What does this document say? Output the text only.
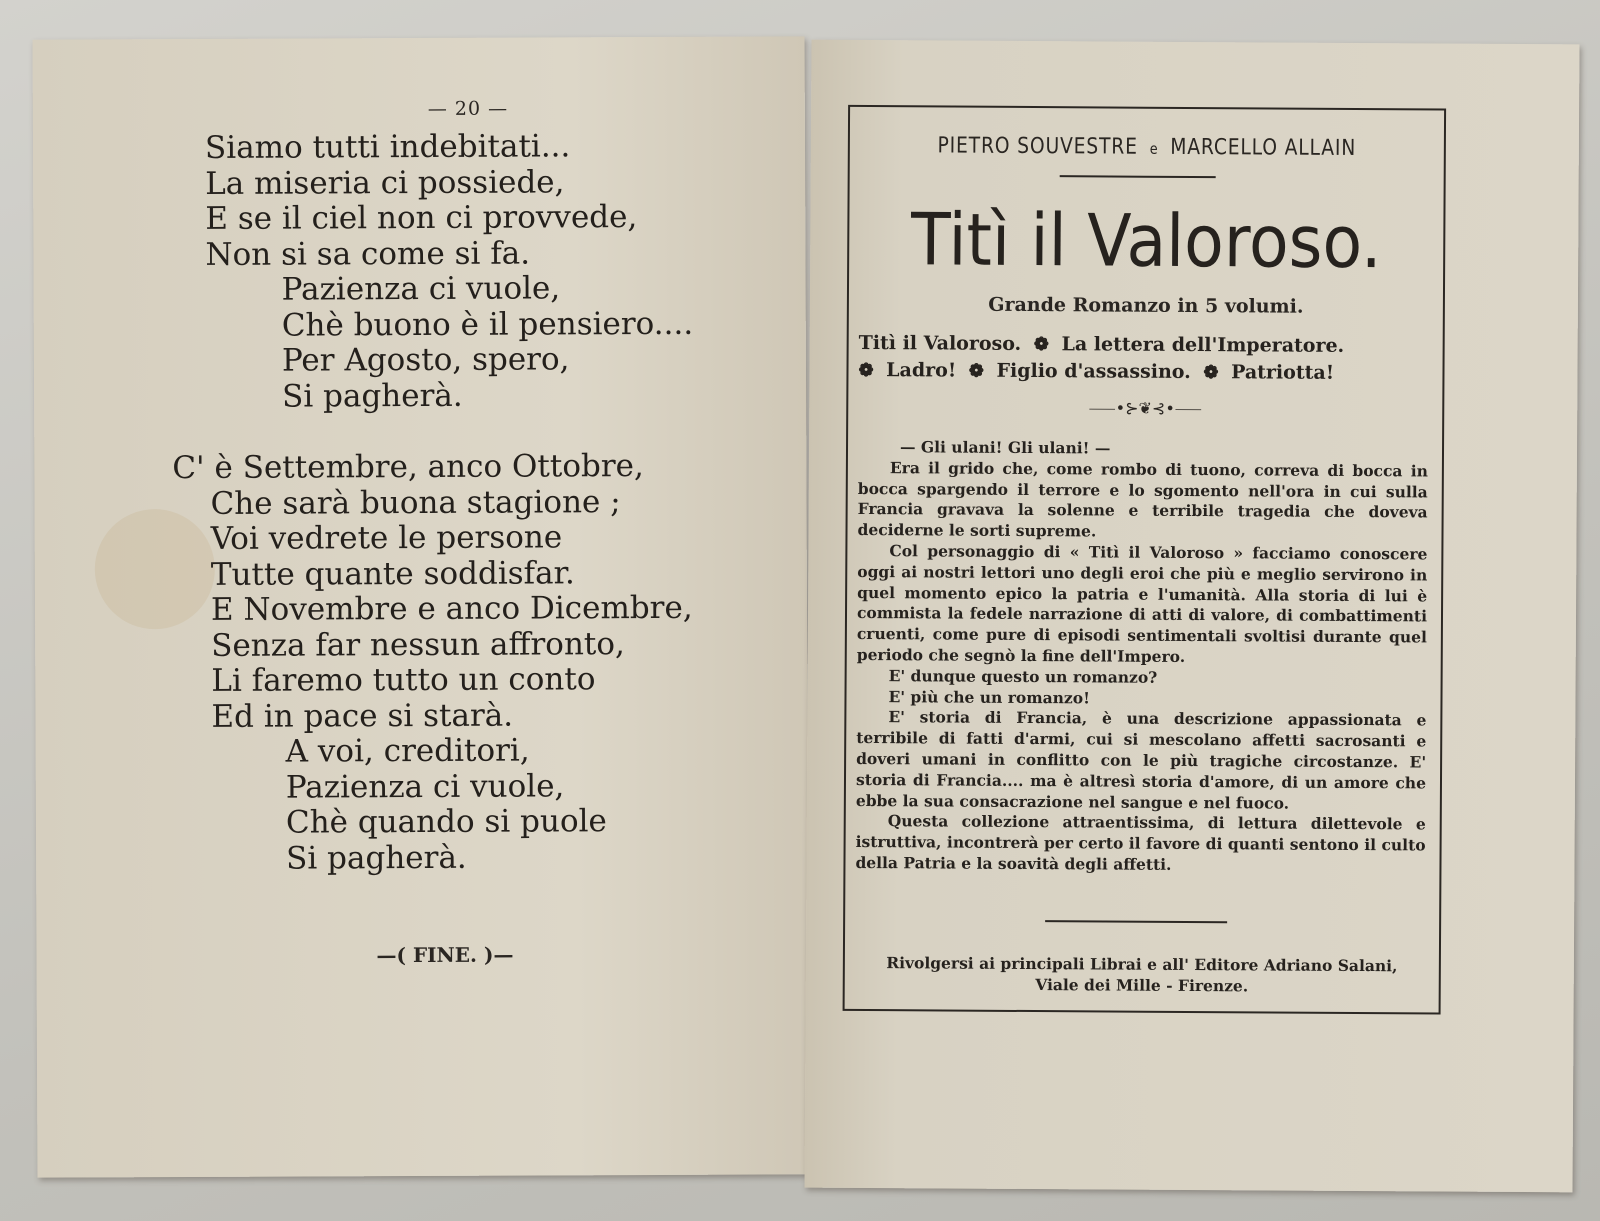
— 20 —
Siamo tutti indebitati...
La miseria ci possiede,
E se il ciel non ci provvede,
Non si sa come si fa.
Pazienza ci vuole,
Chè buono è il pensiero....
Per Agosto, spero,
Si pagherà.
C' è Settembre, anco Ottobre,
Che sarà buona stagione ;
Voi vedrete le persone
Tutte quante soddisfar.
E Novembre e anco Dicembre,
Senza far nessun affronto,
Li faremo tutto un conto
Ed in pace si starà.
A voi, creditori,
Pazienza ci vuole,
Chè quando si puole
Si pagherà.
—( FINE. )—
PIETRO SOUVESTRE e MARCELLO ALLAIN
Titì il Valoroso.
Grande Romanzo in 5 volumi.
Titì il Valoroso. ❁ La lettera dell'Imperatore.
❁ Ladro! ❁ Figlio d'assassino. ❁ Patriotta!
⸺•⊱❦⊰•⸺

— Gli ulani! Gli ulani! —

Era il grido che, come rombo di tuono, correva di bocca in bocca spargendo il terrore e lo sgomento nell'ora in cui sulla Francia gravava la solenne e terribile tragedia che doveva deciderne le sorti supreme.

Col personaggio di « Titì il Valoroso » facciamo conoscere oggi ai nostri lettori uno degli eroi che più e meglio servirono in quel momento epico la patria e l'umanità. Alla storia di lui è commista la fedele narrazione di atti di valore, di combattimenti cruenti, come pure di episodi sentimentali svoltisi durante quel periodo che segnò la fine dell'Impero.

E' dunque questo un romanzo?

E' più che un romanzo!

E' storia di Francia, è una descrizione appassionata e terribile di fatti d'armi, cui si mescolano affetti sacrosanti e doveri umani in conflitto con le più tragiche circostanze. E' storia di Francia.... ma è altresì storia d'amore, di un amore che ebbe la sua consacrazione nel sangue e nel fuoco.

Questa collezione attraentissima, di lettura dilettevole e istruttiva, incontrerà per certo il favore di quanti sentono il culto della Patria e la soavità degli affetti.

Rivolgersi ai principali Librai e all' Editore Adriano Salani,
Viale dei Mille - Firenze.
